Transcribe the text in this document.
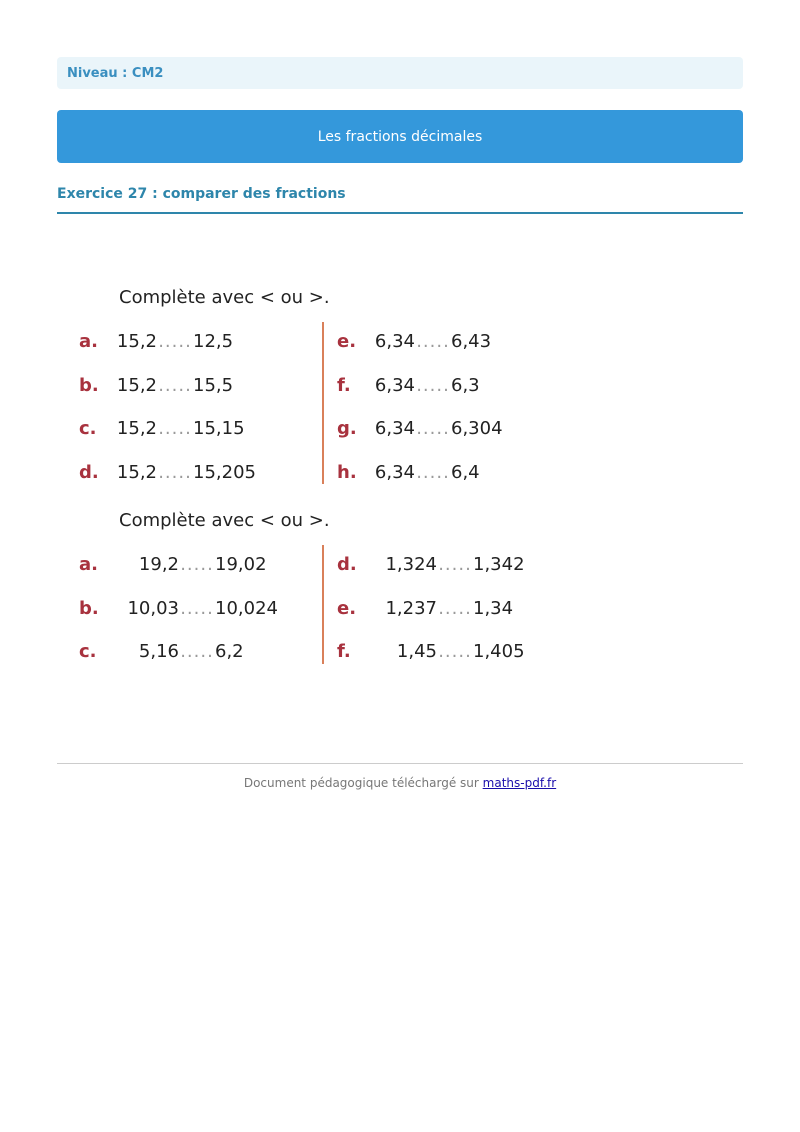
Niveau : CM2
Les fractions décimales
Exercice 27 : comparer des fractions
Complète avec < ou >.
Complète avec < ou >.
a.	15,2 ..... 12,5
b.	15,2 ..... 15,5
c.	15,2 ..... 15,15
d.	15,2 ..... 15,205
e.	6,34 ..... 6,43
f.	6,34 ..... 6,3
g.	6,34 ..... 6,304
h.	6,34 ..... 6,4
a.	19,2 ..... 19,02
b.	10,03 ..... 10,024
c.	5,16 ..... 6,2
d.	1,324 ..... 1,342
e.	1,237 ..... 1,34
f.	1,45 ..... 1,405
Document pédagogique téléchargé sur maths-pdf.fr
